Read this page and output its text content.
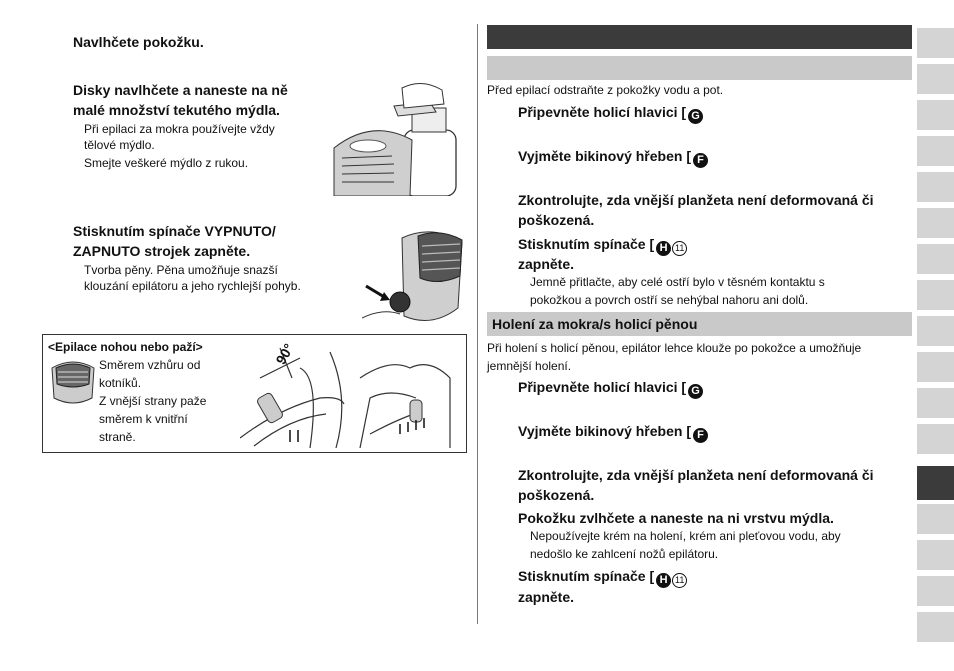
Navlhčete pokožku.
Disky navlhčete a naneste na ně
malé množství tekutého mýdla.
Při epilaci za mokra používejte vždy
tělové mýdlo.
Smejte veškeré mýdlo z rukou.
Stisknutím spínače VYPNUTO/
ZAPNUTO strojek zapněte.
Tvorba pěny. Pěna umožňuje snazší
klouzání epilátoru a jeho rychlejší pohyb.
<Epilace nohou nebo paží>
Směrem vzhůru od
kotníků.
Z vnější strany paže
směrem k vnitřní
straně.
90°
Před epilací odstraňte z pokožky vodu a pot.
Připevněte holicí hlavici [ G
Vyjměte bikinový hřeben [ F
Zkontrolujte, zda vnější planžeta není deformovaná či
poškozená.
Stisknutím spínače [ H 11
zapněte.
Jemně přitlačte, aby celé ostří bylo v těsném kontaktu s
pokožkou a povrch ostří se nehýbal nahoru ani dolů.
Holení za mokra/s holicí pěnou
Při holení s holicí pěnou, epilátor lehce klouže po pokožce a umožňuje
jemnější holení.
Připevněte holicí hlavici [ G
Vyjměte bikinový hřeben [ F
Zkontrolujte, zda vnější planžeta není deformovaná či
poškozená.
Pokožku zvlhčete a naneste na ni vrstvu mýdla.
Nepoužívejte krém na holení, krém ani pleťovou vodu, aby
nedošlo ke zahlcení nožů epilátoru.
Stisknutím spínače [ H 11
zapněte.
